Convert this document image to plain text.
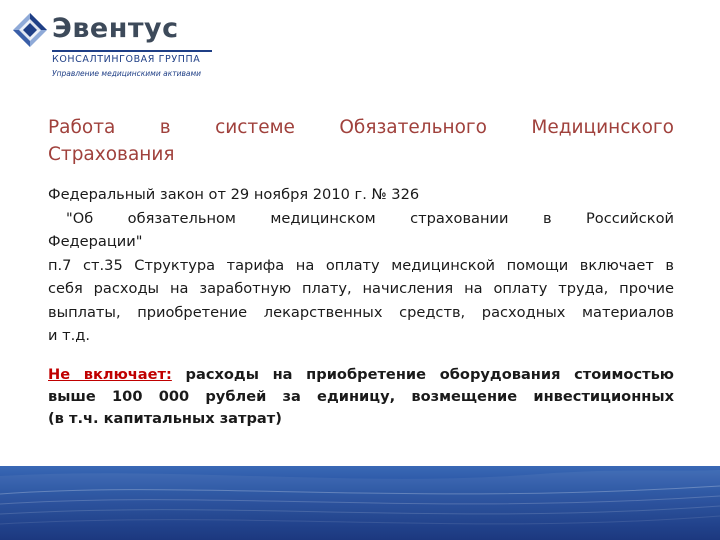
Эвентус
КОНСАЛТИНГОВАЯ ГРУППА
Управление медицинскими активами
Работа в системе Обязательного Медицинского
Страхования
Федеральный закон от 29 ноября 2010 г. № 326
"Об обязательном медицинском страховании в Российской
Федерации"
п.7 ст.35 Структура тарифа на оплату медицинской помощи включает в
себя расходы на заработную плату, начисления на оплату труда, прочие
выплаты, приобретение лекарственных средств, расходных материалов
и т.д.
Не включает: расходы на приобретение оборудования стоимостью
выше 100 000 рублей за единицу, возмещение инвестиционных
(в т.ч. капитальных затрат)
